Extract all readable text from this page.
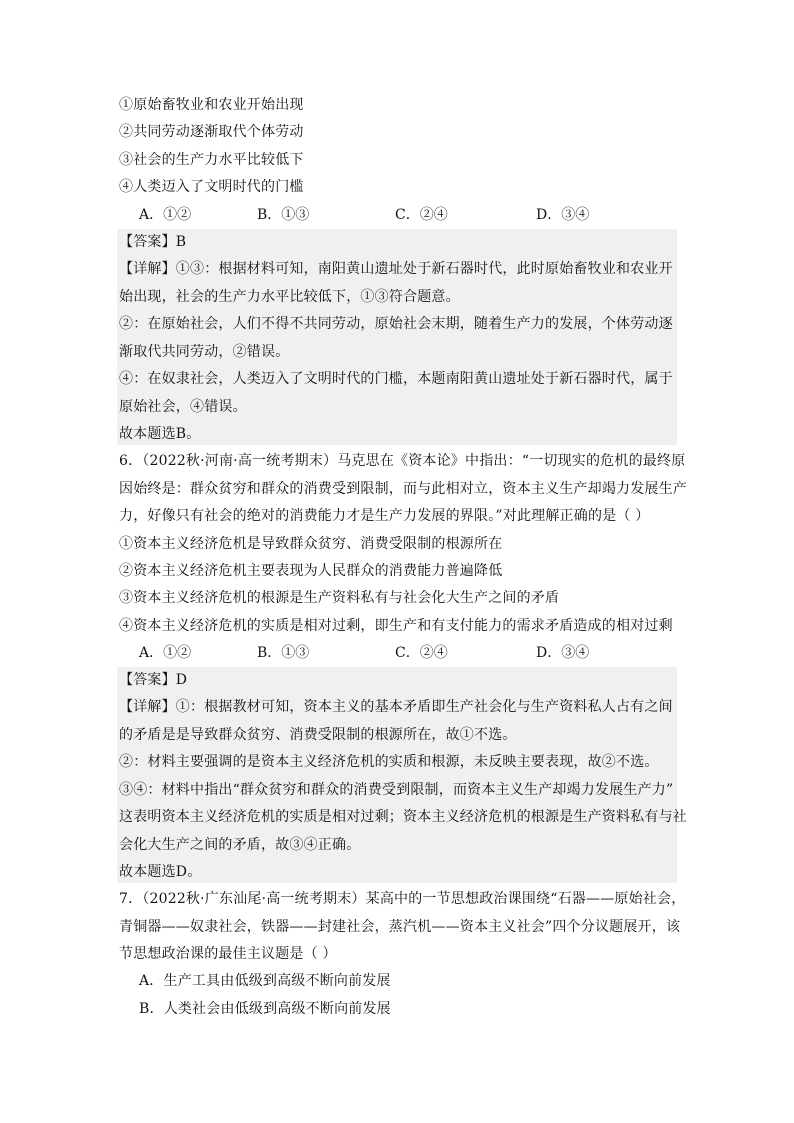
①原始畜牧业和农业开始出现
②共同劳动逐渐取代个体劳动
③社会的生产力水平比较低下
④人类迈入了文明时代的门槛
A．①②	B．①③	C．②④	D．③④
【答案】B
【详解】①③：根据材料可知，南阳黄山遗址处于新石器时代，此时原始畜牧业和农业开
始出现，社会的生产力水平比较低下，①③符合题意。
②：在原始社会，人们不得不共同劳动，原始社会末期，随着生产力的发展，个体劳动逐
渐取代共同劳动，②错误。
④：在奴隶社会，人类迈入了文明时代的门槛，本题南阳黄山遗址处于新石器时代，属于
原始社会，④错误。
故本题选B。
6．（2022秋·河南·高一统考期末）马克思在《资本论》中指出：“一切现实的危机的最终原
因始终是：群众贫穷和群众的消费受到限制，而与此相对立，资本主义生产却竭力发展生产
力，好像只有社会的绝对的消费能力才是生产力发展的界限。”对此理解正确的是（ ）
①资本主义经济危机是导致群众贫穷、消费受限制的根源所在
②资本主义经济危机主要表现为人民群众的消费能力普遍降低
③资本主义经济危机的根源是生产资料私有与社会化大生产之间的矛盾
④资本主义经济危机的实质是相对过剩，即生产和有支付能力的需求矛盾造成的相对过剩
A．①②	B．①③	C．②④	D．③④
【答案】D
【详解】①：根据教材可知，资本主义的基本矛盾即生产社会化与生产资料私人占有之间
的矛盾是是导致群众贫穷、消费受限制的根源所在，故①不选。
②：材料主要强调的是资本主义经济危机的实质和根源，未反映主要表现，故②不选。
③④：材料中指出“群众贫穷和群众的消费受到限制，而资本主义生产却竭力发展生产力”
这表明资本主义经济危机的实质是相对过剩；资本主义经济危机的根源是生产资料私有与社
会化大生产之间的矛盾，故③④正确。
故本题选D。
7．（2022秋·广东汕尾·高一统考期末）某高中的一节思想政治课围绕“石器——原始社会，
青铜器——奴隶社会，铁器——封建社会，蒸汽机——资本主义社会”四个分议题展开，该
节思想政治课的最佳主议题是（ ）
A．生产工具由低级到高级不断向前发展
B．人类社会由低级到高级不断向前发展
